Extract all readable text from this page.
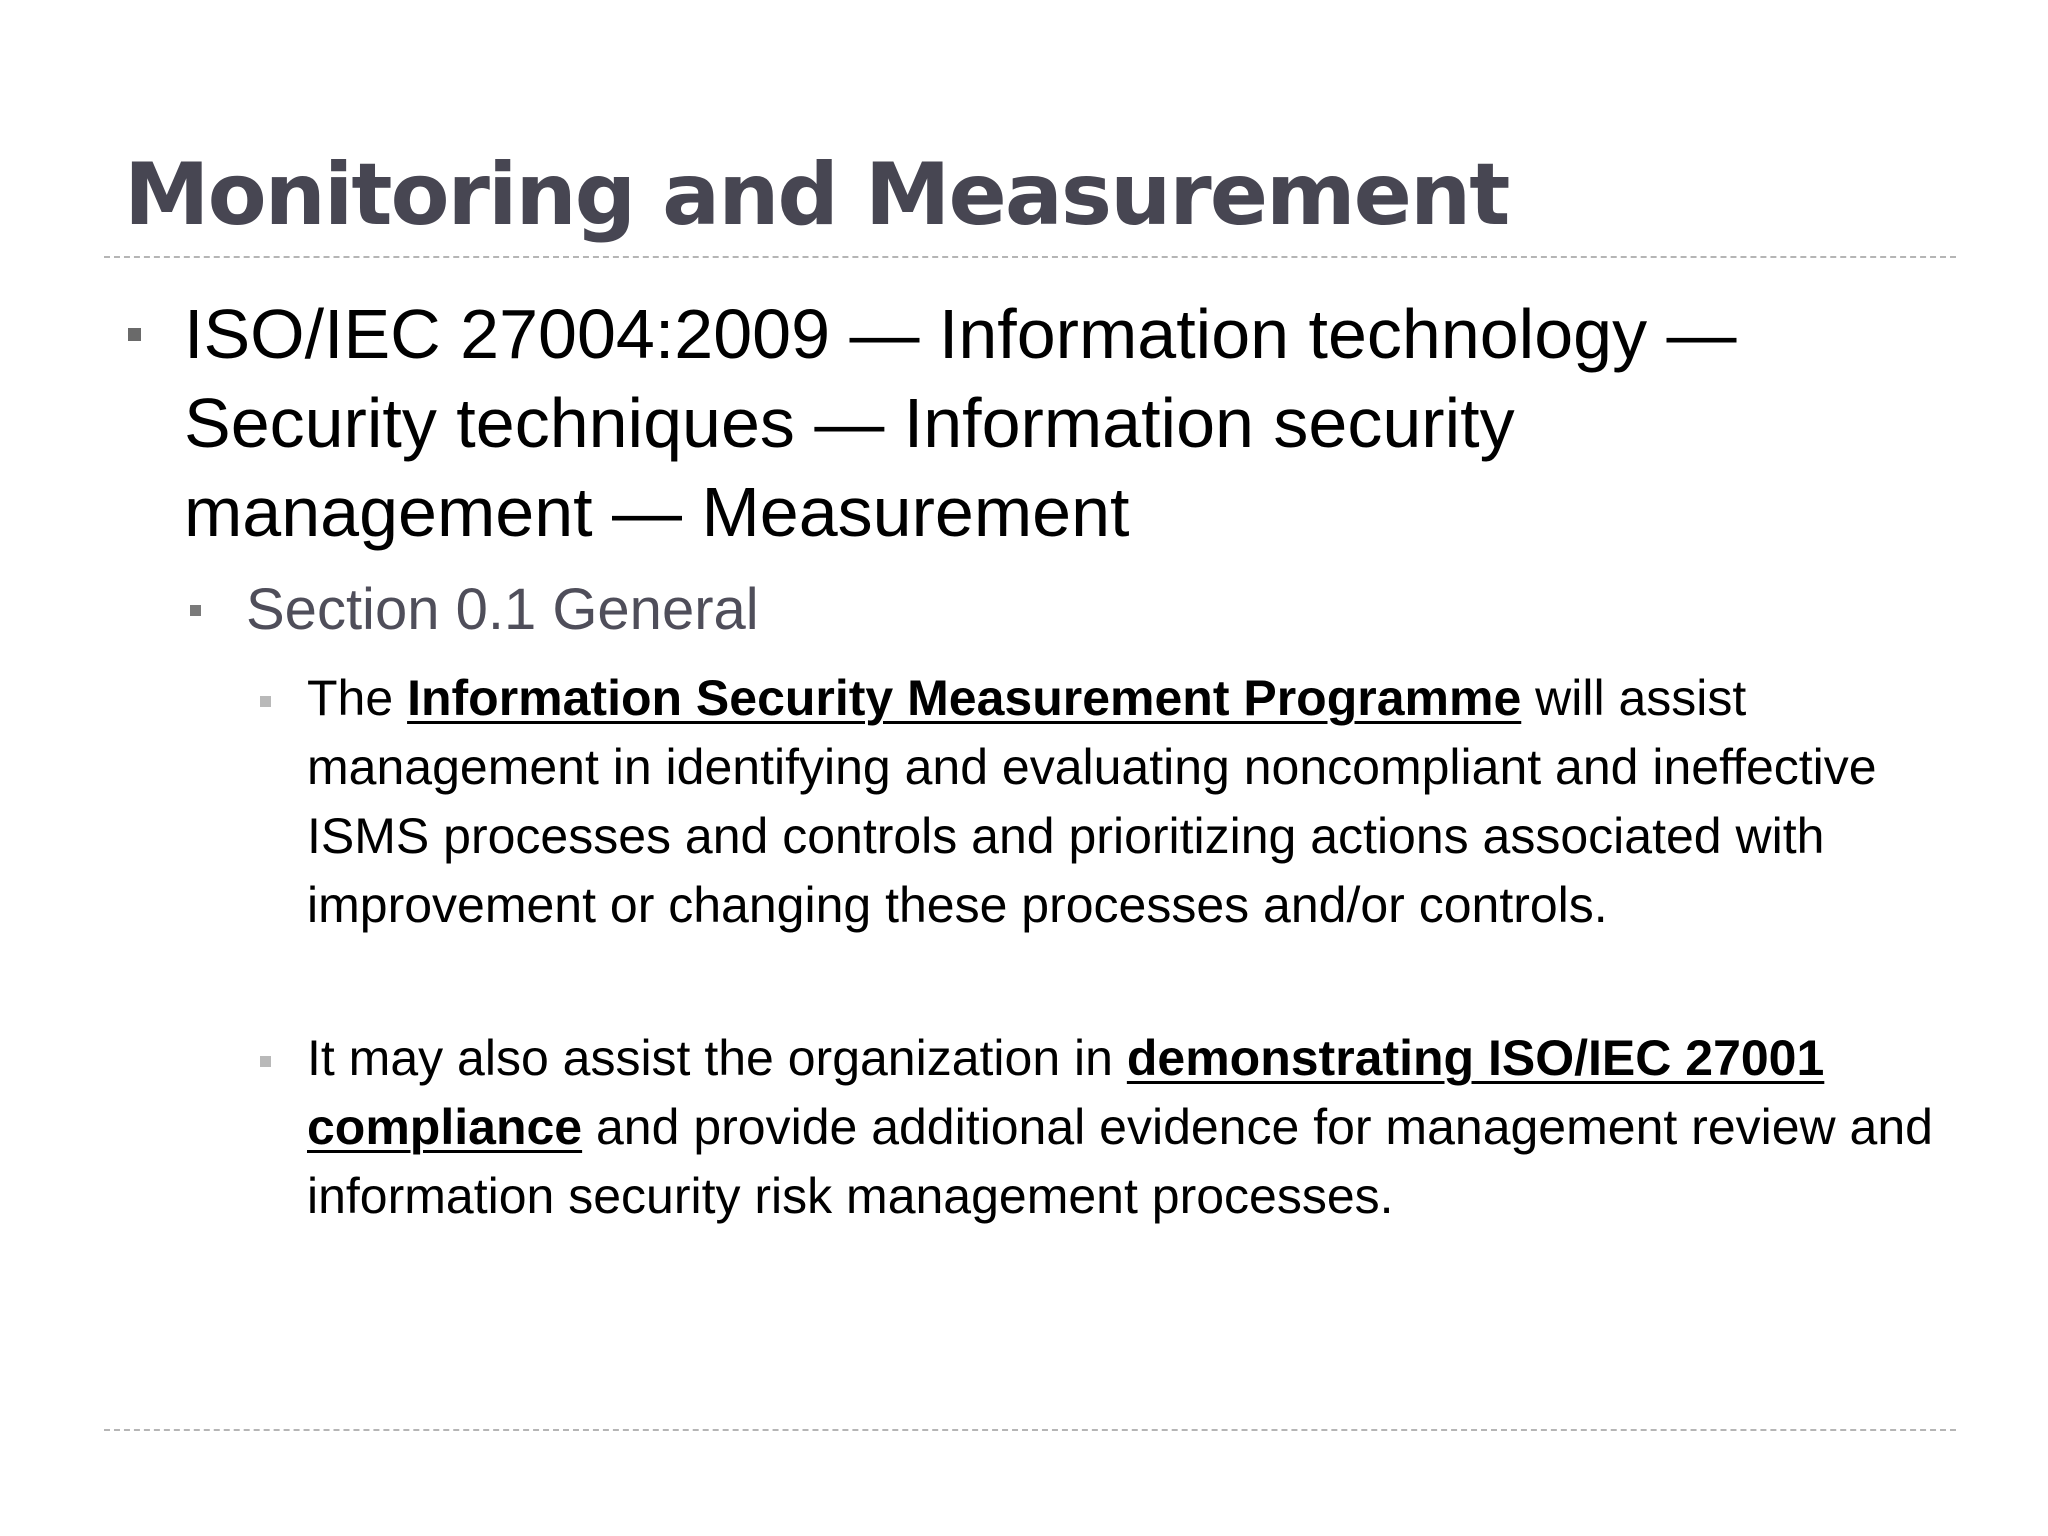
Monitoring and Measurement
ISO/IEC 27004:2009 — Information technology — Security techniques — Information security management — Measurement
Section 0.1 General
The Information Security Measurement Programme will assist management in identifying and evaluating noncompliant and ineffective ISMS processes and controls and prioritizing actions associated with improvement or changing these processes and/or controls.
It may also assist the organization in demonstrating ISO/IEC 27001 compliance and provide additional evidence for management review and information security risk management processes.
